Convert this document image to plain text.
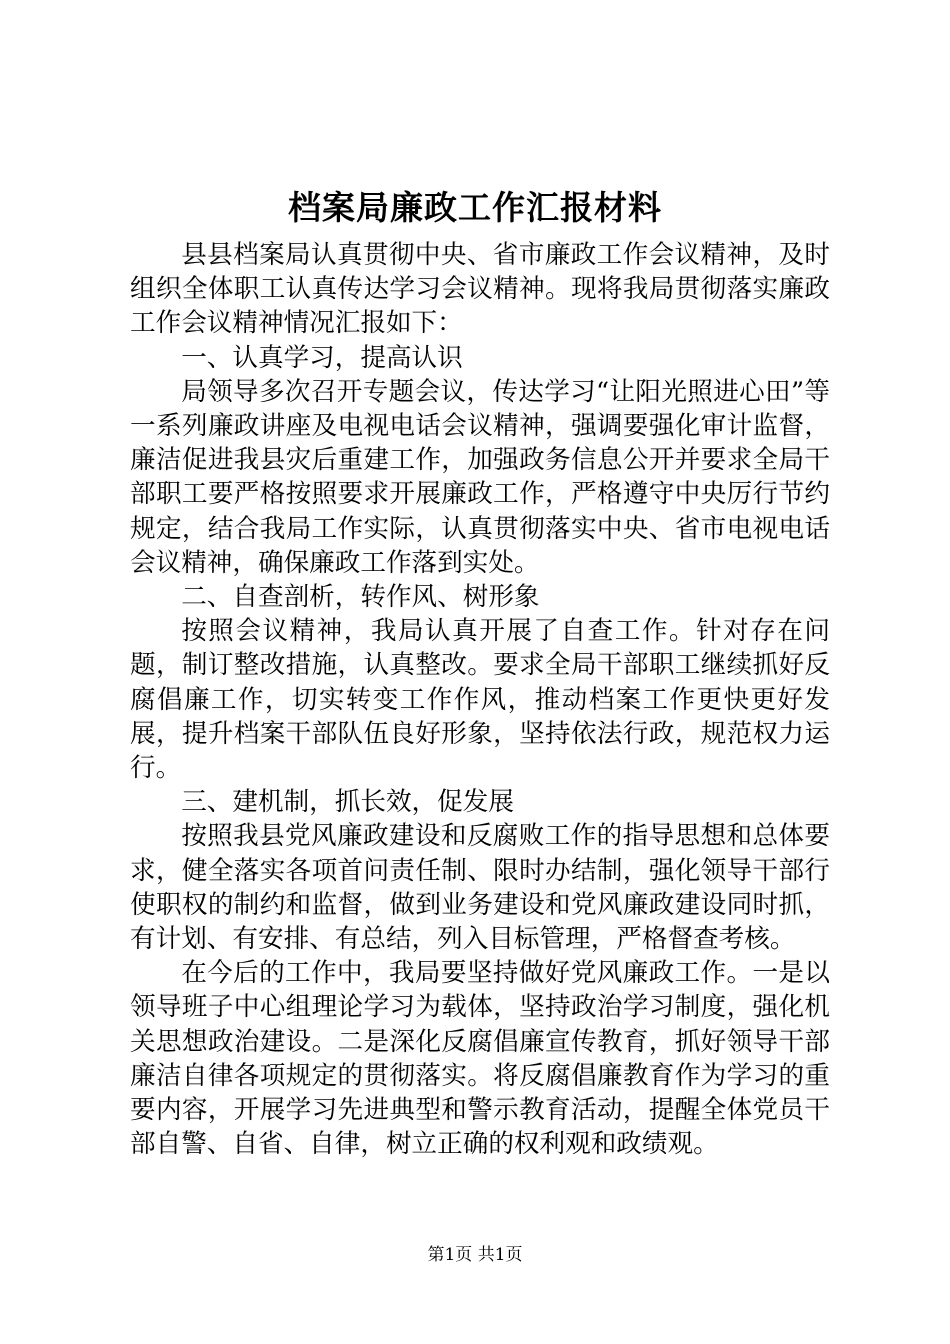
档案局廉政工作汇报材料

县县档案局认真贯彻中央、省市廉政工作会议精神，及时组织全体职工认真传达学习会议精神。现将我局贯彻落实廉政工作会议精神情况汇报如下：

一、认真学习，提高认识

局领导多次召开专题会议，传达学习“让阳光照进心田”等一系列廉政讲座及电视电话会议精神，强调要强化审计监督，廉洁促进我县灾后重建工作，加强政务信息公开并要求全局干部职工要严格按照要求开展廉政工作，严格遵守中央厉行节约规定，结合我局工作实际，认真贯彻落实中央、省市电视电话会议精神，确保廉政工作落到实处。

二、自查剖析，转作风、树形象

按照会议精神，我局认真开展了自查工作。针对存在问题，制订整改措施，认真整改。要求全局干部职工继续抓好反腐倡廉工作，切实转变工作作风，推动档案工作更快更好发展，提升档案干部队伍良好形象，坚持依法行政，规范权力运行。

三、建机制，抓长效，促发展

按照我县党风廉政建设和反腐败工作的指导思想和总体要求，健全落实各项首问责任制、限时办结制，强化领导干部行使职权的制约和监督，做到业务建设和党风廉政建设同时抓，有计划、有安排、有总结，列入目标管理，严格督查考核。

在今后的工作中，我局要坚持做好党风廉政工作。一是以领导班子中心组理论学习为载体，坚持政治学习制度，强化机关思想政治建设。二是深化反腐倡廉宣传教育，抓好领导干部廉洁自律各项规定的贯彻落实。将反腐倡廉教育作为学习的重要内容，开展学习先进典型和警示教育活动，提醒全体党员干部自警、自省、自律，树立正确的权利观和政绩观。

第1页 共1页
